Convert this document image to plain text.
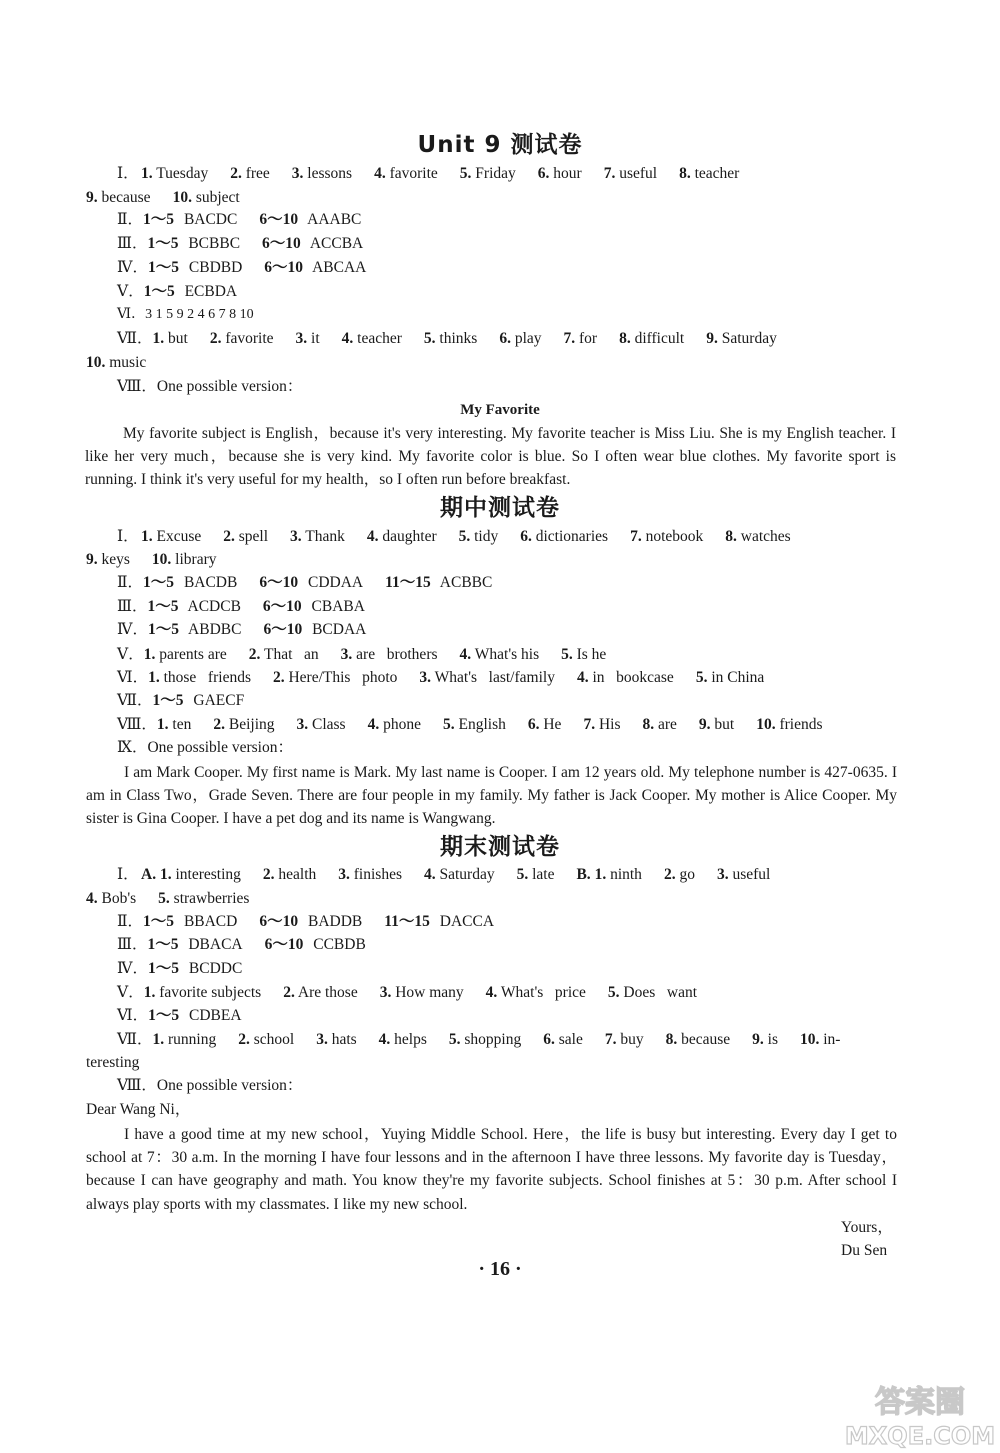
Unit 9 测试卷
Ⅰ． 1. Tuesday 2. free 3. lessons 4. favorite 5. Friday 6. hour 7. useful 8. teacher
9. because 10. subject
Ⅱ．1～5 BACDC 6～10 AAABC
Ⅲ．1～5 BCBBC 6～10 ACCBA
Ⅳ．1～5 CBDBD 6～10 ABCAA
Ⅴ．1～5 ECBDA
Ⅵ．3 1 5 9 2 4 6 7 8 10
Ⅶ．1. but 2. favorite 3. it 4. teacher 5. thinks 6. play 7. for 8. difficult 9. Saturday
10. music
Ⅷ．One possible version：
My Favorite
My favorite subject is English，because it's very interesting. My favorite teacher is Miss Liu. She is my English teacher. I like her very much，because she is very kind. My favorite color is blue. So I often wear blue clothes. My favorite sport is running. I think it's very useful for my health，so I often run before breakfast.
期中测试卷
Ⅰ． 1. Excuse 2. spell 3. Thank 4. daughter 5. tidy 6. dictionaries 7. notebook 8. watches
9. keys 10. library
Ⅱ．1～5 BACDB 6～10 CDDAA 11～15 ACBBC
Ⅲ．1～5 ACDCB 6～10 CBABA
Ⅳ．1～5 ABDBC 6～10 BCDAA
Ⅴ．1. parents are 2. That   an 3. are   brothers 4. What's his 5. Is he
Ⅵ．1. those   friends 2. Here/This   photo 3. What's   last/family 4. in   bookcase 5. in China
Ⅶ．1～5 GAECF
Ⅷ．1. ten 2. Beijing 3. Class 4. phone 5. English 6. He 7. His 8. are 9. but 10. friends
Ⅸ．One possible version：
I am Mark Cooper. My first name is Mark. My last name is Cooper. I am 12 years old. My telephone number is 427-0635. I am in Class Two，Grade Seven. There are four people in my family. My father is Jack Cooper. My mother is Alice Cooper. My sister is Gina Cooper. I have a pet dog and its name is Wangwang.
期末测试卷
Ⅰ． A. 1. interesting 2. health 3. finishes 4. Saturday 5. late B. 1. ninth 2. go 3. useful
4. Bob's 5. strawberries
Ⅱ．1～5 BBACD 6～10 BADDB 11～15 DACCA
Ⅲ．1～5 DBACA 6～10 CCBDB
Ⅳ．1～5 BCDDC
Ⅴ．1. favorite subjects 2. Are those 3. How many 4. What's   price 5. Does   want
Ⅵ．1～5 CDBEA
Ⅶ．1. running 2. school 3. hats 4. helps 5. shopping 6. sale 7. buy 8. because 9. is 10. in-
teresting
Ⅷ．One possible version：
Dear Wang Ni，
I have a good time at my new school，Yuying Middle School. Here，the life is busy but interesting. Every day I get to school at 7：30 a.m. In the morning I have four lessons and in the afternoon I have three lessons. My favorite day is Tuesday，because I can have geography and math. You know they're my favorite subjects. School finishes at 5：30 p.m. After school I always play sports with my classmates. I like my new school.
Yours，
Du Sen
· 16 ·
答案圈
MXQE.COM
